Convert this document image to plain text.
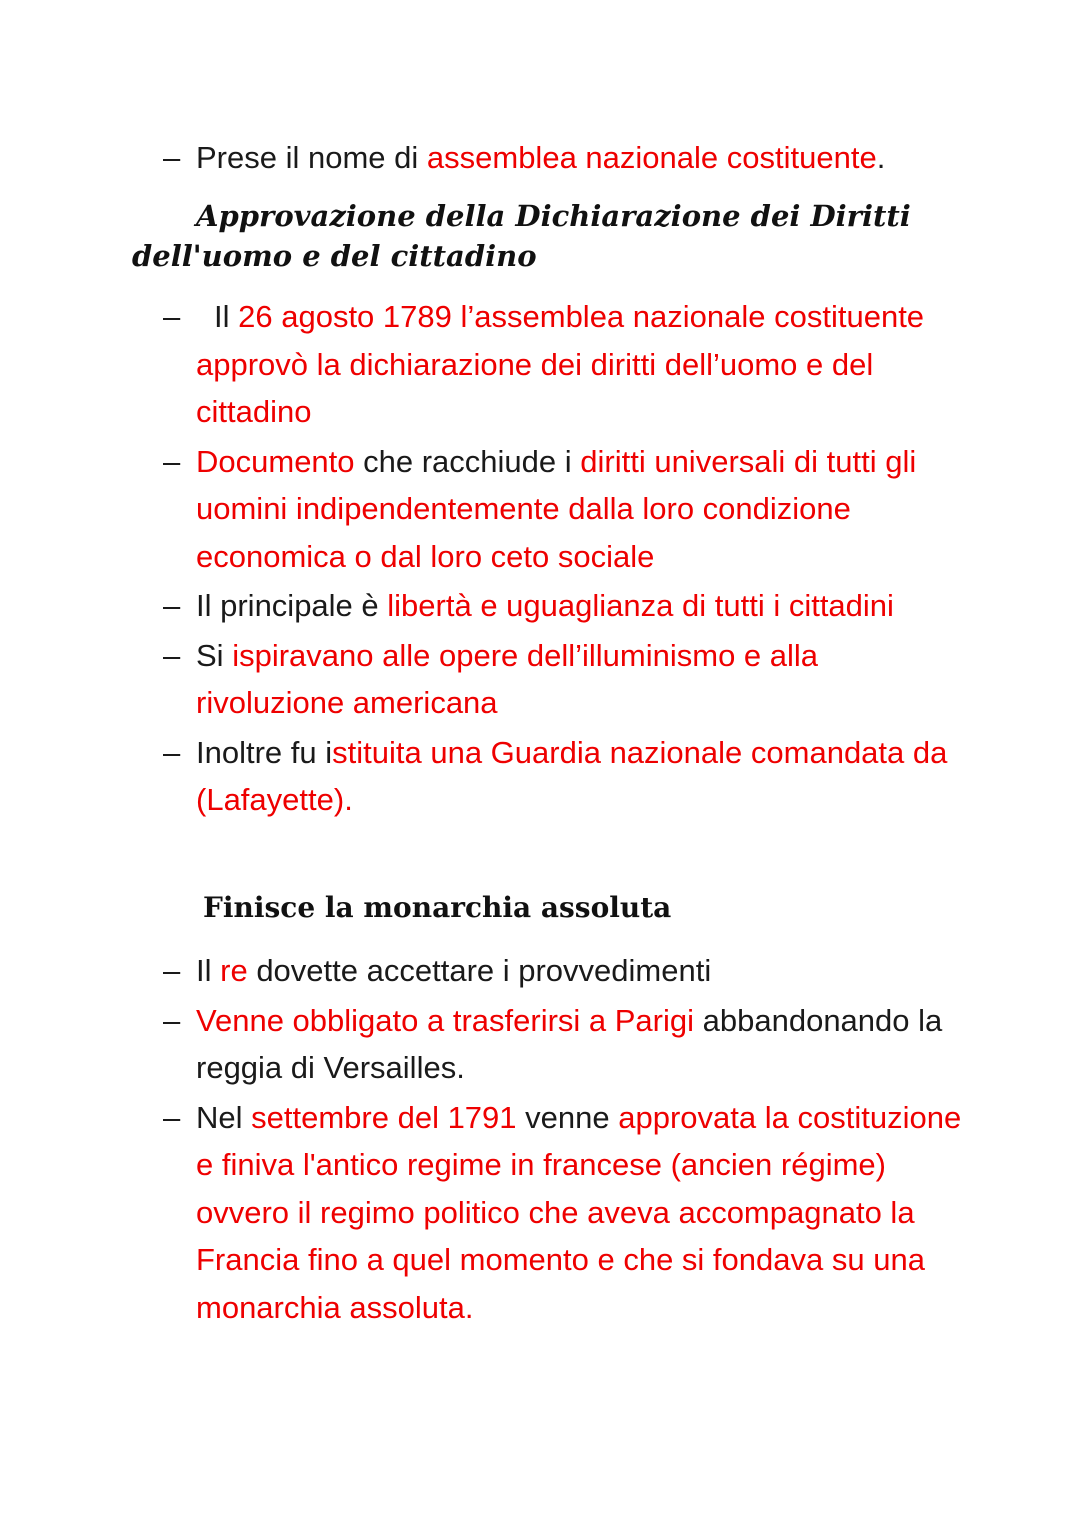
– Prese il nome di assemblea nazionale costituente.
Approvazione della Dichiarazione dei Diritti dell'uomo e del cittadino
– Il 26 agosto 1789 l’assemblea nazionale costituente approvò la dichiarazione dei diritti dell’uomo e del cittadino
– Documento che racchiude i diritti universali di tutti gli uomini indipendentemente dalla loro condizione economica o dal loro ceto sociale
– Il principale è libertà e uguaglianza di tutti i cittadini
– Si ispiravano alle opere dell’illuminismo e alla rivoluzione americana
– Inoltre fu istituita una Guardia nazionale comandata da (Lafayette).
Finisce la monarchia assoluta
– Il re dovette accettare i provvedimenti
– Venne obbligato a trasferirsi a Parigi abbandonando la reggia di Versailles.
– Nel settembre del 1791 venne approvata la costituzione e finiva l'antico regime in francese (ancien régime) ovvero il regimo politico che aveva accompagnato la Francia fino a quel momento e che si fondava su una monarchia assoluta.
